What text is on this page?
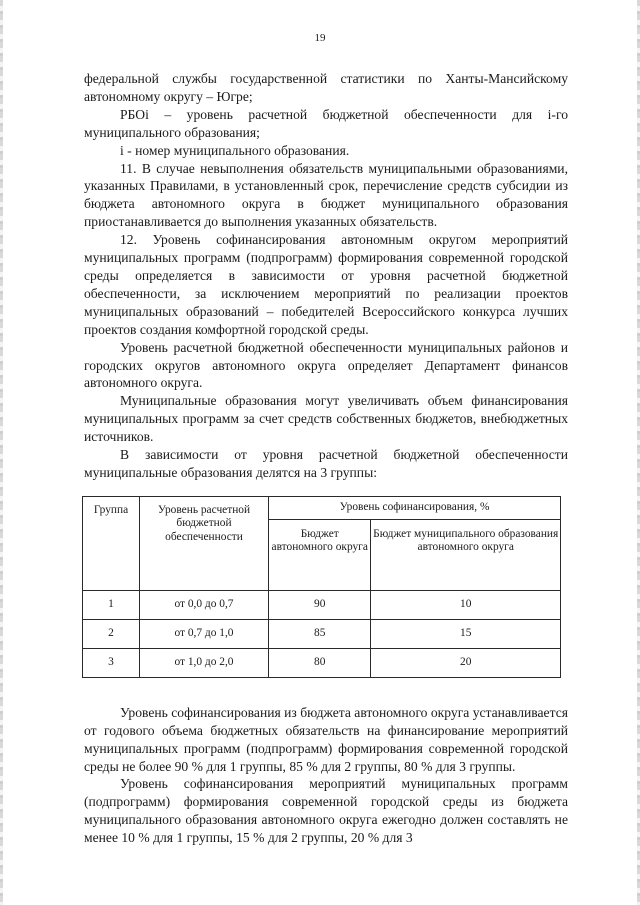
19

федеральной службы государственной статистики по Ханты-Мансийскому автономному округу – Югре;

РБОi – уровень расчетной бюджетной обеспеченности для i-го муниципального образования;

i - номер муниципального образования.

11. В случае невыполнения обязательств муниципальными образованиями, указанных Правилами, в установленный срок, перечисление средств субсидии из бюджета автономного округа в бюджет муниципального образования приостанавливается до выполнения указанных обязательств.

12. Уровень софинансирования автономным округом мероприятий муниципальных программ (подпрограмм) формирования современной городской среды определяется в зависимости от уровня расчетной бюджетной обеспеченности, за исключением мероприятий по реализации проектов муниципальных образований – победителей Всероссийского конкурса лучших проектов создания комфортной городской среды.

Уровень расчетной бюджетной обеспеченности муниципальных районов и городских округов автономного округа определяет Департамент финансов автономного округа.

Муниципальные образования могут увеличивать объем финансирования муниципальных программ за счет средств собственных бюджетов, внебюджетных источников.

В зависимости от уровня расчетной бюджетной обеспеченности муниципальные образования делятся на 3 группы:

Группа	Уровень расчетной бюджетной обеспеченности	Уровень софинансирования, %	
		Бюджет автономного округа	Бюджет муниципального образования автономного округа
1	от 0,0 до 0,7	90	10
2	от 0,7 до 1,0	85	15
3	от 1,0 до 2,0	80	20

Уровень софинансирования из бюджета автономного округа устанавливается от годового объема бюджетных обязательств на финансирование мероприятий муниципальных программ (подпрограмм) формирования современной городской среды не более 90 % для 1 группы, 85 % для 2 группы, 80 % для 3 группы.

Уровень софинансирования мероприятий муниципальных программ (подпрограмм) формирования современной городской среды из бюджета муниципального образования автономного округа ежегодно должен составлять не менее 10 % для 1 группы, 15 % для 2 группы, 20 % для 3
